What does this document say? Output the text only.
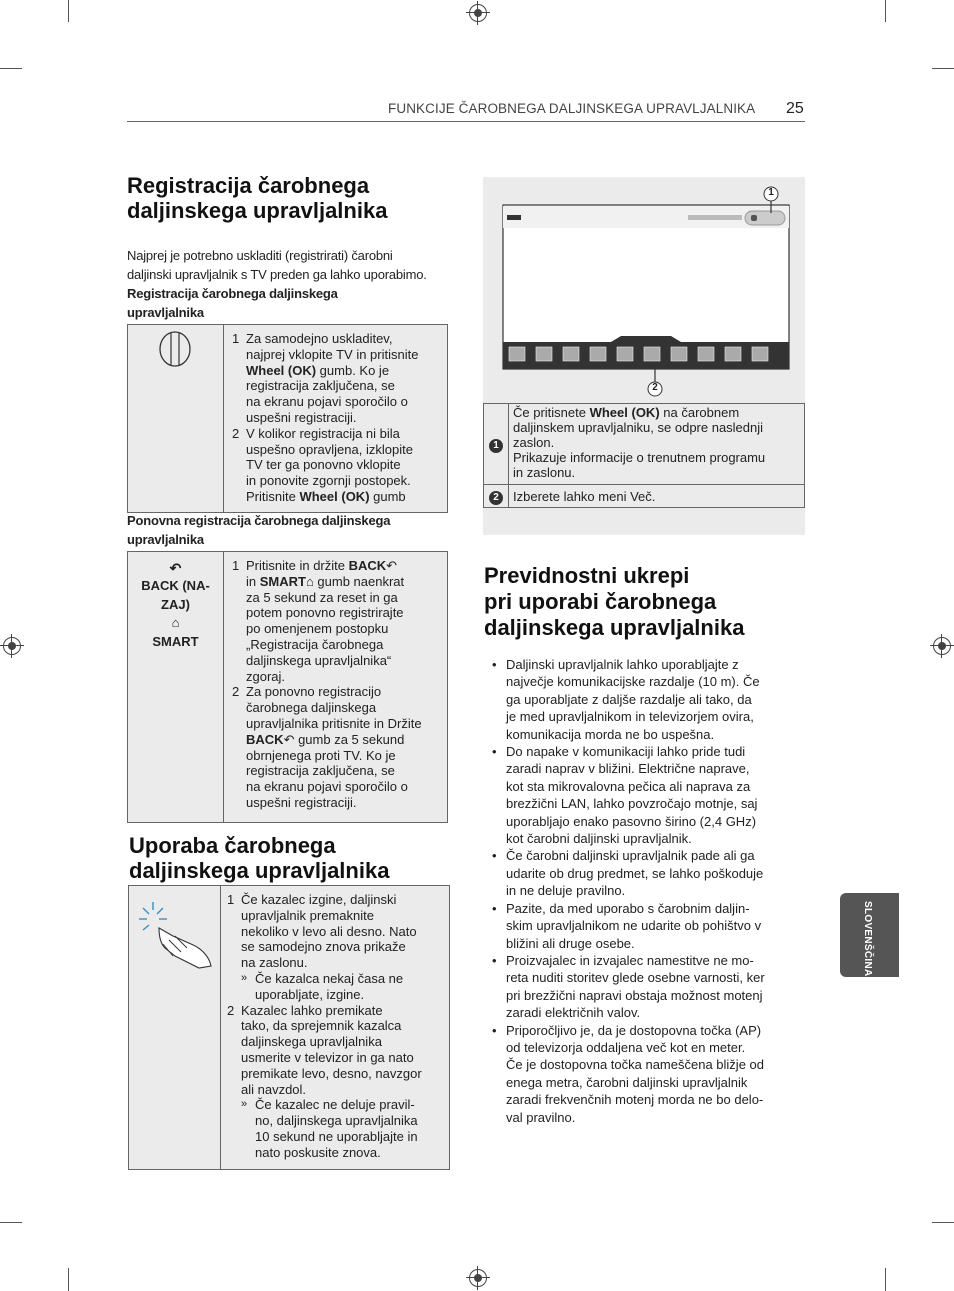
FUNKCIJE ČAROBNEGA DALJINSKEGA UPRAVLJALNIKA 25
SLOVENŠČINA
Registracija čarobnega
daljinskega upravljalnika
Najprej je potrebno uskladiti (registrirati) čarobni
daljinski upravljalnik s TV preden ga lahko uporabimo.
Registracija čarobnega daljinskega
upravljalnika

1 Za samodejno uskladitev,
najprej vklopite TV in pritisnite
Wheel (OK) gumb. Ko je
registracija zaključena, se
na ekranu pojavi sporočilo o
uspešni registraciji.
2 V kolikor registracija ni bila
uspešno opravljena, izklopite
TV ter ga ponovno vklopite
in ponovite zgornji postopek.
Pritisnite Wheel (OK) gumb
Ponovna registracija čarobnega daljinskega
upravljalnika
↶
BACK (NA-
ZAJ)
⌂
SMART

1 Pritisnite in držite BACK↶
in SMART⌂ gumb naenkrat
za 5 sekund za reset in ga
potem ponovno registrirajte
po omenjenem postopku
„Registracija čarobnega
daljinskega upravljalnika“
zgoraj.
2 Za ponovno registracijo
čarobnega daljinskega
upravljalnika pritisnite in Držite
BACK↶ gumb za 5 sekund
obrnjenega proti TV. Ko je
registracija zaključena, se
na ekranu pojavi sporočilo o
uspešni registraciji.
Uporaba čarobnega
daljinskega upravljalnika

1 Če kazalec izgine, daljinski
upravljalnik premaknite
nekoliko v levo ali desno. Nato
se samodejno znova prikaže
na zaslonu.
» Če kazalca nekaj časa ne
uporabljate, izgine.
2 Kazalec lahko premikate
tako, da sprejemnik kazalca
daljinskega upravljalnika
usmerite v televizor in ga nato
premikate levo, desno, navzgor
ali navzdol.
» Če kazalec ne deluje pravil-
no, daljinskega upravljalnika
10 sekund ne uporabljajte in
nato poskusite znova.
1
2
1	Če pritisnete Wheel (OK) na čarobnem
daljinskem upravljalniku, se odpre naslednji
zaslon.
Prikazuje informacije o trenutnem programu
in zaslonu.
2	Izberete lahko meni Več.
Previdnostni ukrepi
pri uporabi čarobnega
daljinskega upravljalnika
• Daljinski upravljalnik lahko uporabljajte z
največje komunikacijske razdalje (10 m). Če
ga uporabljate z daljše razdalje ali tako, da
je med upravljalnikom in televizorjem ovira,
komunikacija morda ne bo uspešna.
• Do napake v komunikaciji lahko pride tudi
zaradi naprav v bližini. Električne naprave,
kot sta mikrovalovna pečica ali naprava za
brezžični LAN, lahko povzročajo motnje, saj
uporabljajo enako pasovno širino (2,4 GHz)
kot čarobni daljinski upravljalnik.
• Če čarobni daljinski upravljalnik pade ali ga
udarite ob drug predmet, se lahko poškoduje
in ne deluje pravilno.
• Pazite, da med uporabo s čarobnim daljin-
skim upravljalnikom ne udarite ob pohištvo v
bližini ali druge osebe.
• Proizvajalec in izvajalec namestitve ne mo-
reta nuditi storitev glede osebne varnosti, ker
pri brezžični napravi obstaja možnost motenj
zaradi električnih valov.
• Priporočljivo je, da je dostopovna točka (AP)
od televizorja oddaljena več kot en meter.
Če je dostopovna točka nameščena bližje od
enega metra, čarobni daljinski upravljalnik
zaradi frekvenčnih motenj morda ne bo delo-
val pravilno.
